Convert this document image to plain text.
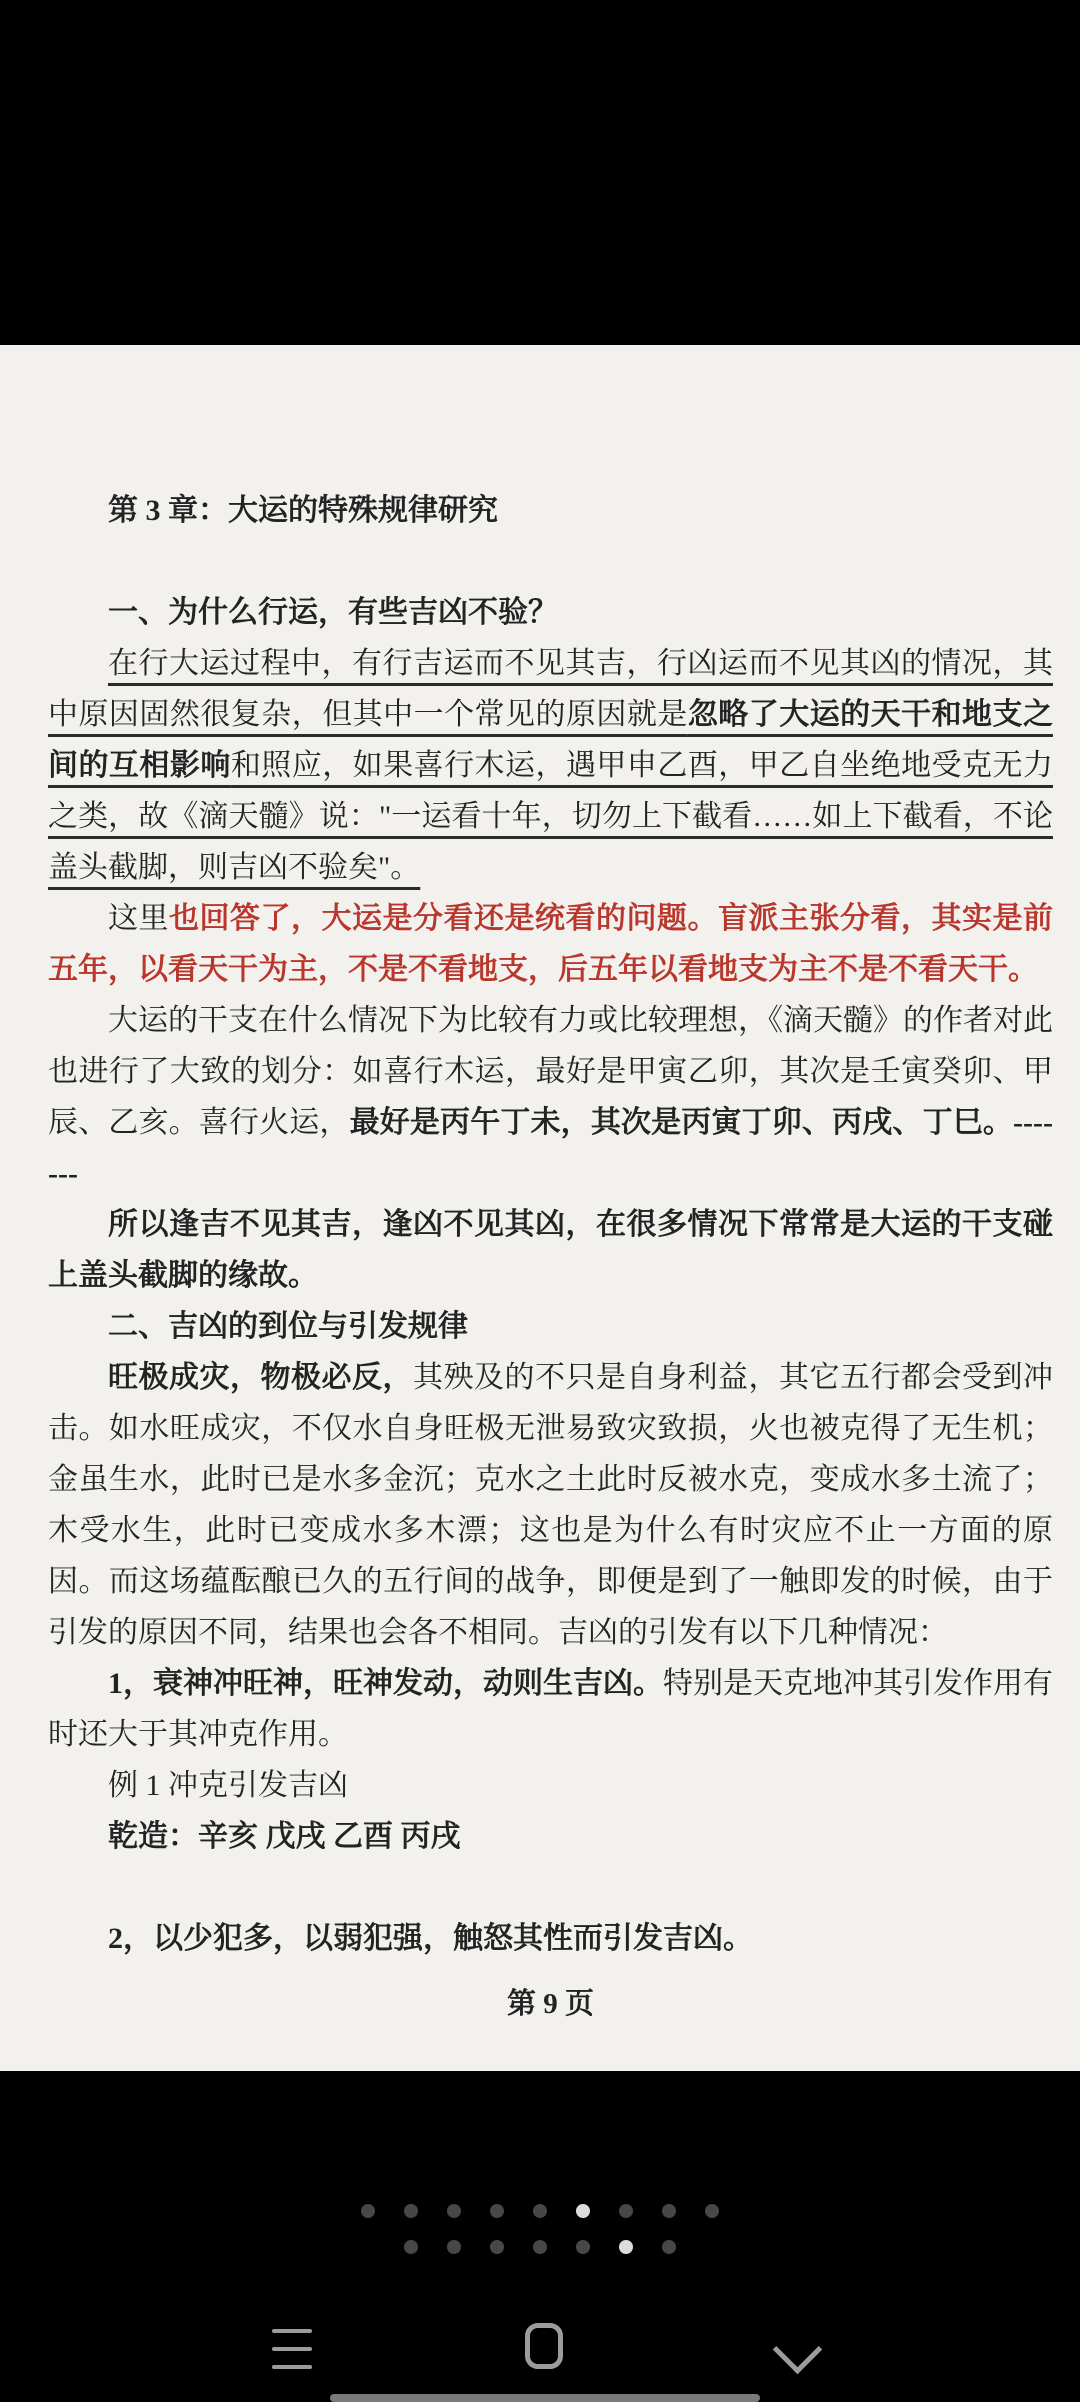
第 3 章：大运的特殊规律研究

一、为什么行运，有些吉凶不验？

在行大运过程中，有行吉运而不见其吉，行凶运而不见其凶的情况，其中原因固然很复杂，但其中一个常见的原因就是忽略了大运的天干和地支之间的互相影响和照应，如果喜行木运，遇甲申乙酉，甲乙自坐绝地受克无力之类，故《滴天髓》说："一运看十年，切勿上下截看……如上下截看，不论盖头截脚，则吉凶不验矣"。

这里也回答了，大运是分看还是统看的问题。盲派主张分看，其实是前五年，以看天干为主，不是不看地支，后五年以看地支为主不是不看天干。

大运的干支在什么情况下为比较有力或比较理想，《滴天髓》的作者对此也进行了大致的划分：如喜行木运，最好是甲寅乙卯，其次是壬寅癸卯、甲辰、乙亥。喜行火运，最好是丙午丁未，其次是丙寅丁卯、丙戌、丁巳。-------

所以逢吉不见其吉，逢凶不见其凶，在很多情况下常常是大运的干支碰上盖头截脚的缘故。

二、吉凶的到位与引发规律

旺极成灾，物极必反，其殃及的不只是自身利益，其它五行都会受到冲击。如水旺成灾，不仅水自身旺极无泄易致灾致损，火也被克得了无生机；金虽生水，此时已是水多金沉；克水之土此时反被水克，变成水多土流了；木受水生，此时已变成水多木漂；这也是为什么有时灾应不止一方面的原因。而这场蕴酝酿已久的五行间的战争，即便是到了一触即发的时候，由于引发的原因不同，结果也会各不相同。吉凶的引发有以下几种情况：

1，衰神冲旺神，旺神发动，动则生吉凶。特别是天克地冲其引发作用有时还大于其冲克作用。

例 1 冲克引发吉凶

乾造：辛亥 戊戌 乙酉 丙戌

2，以少犯多，以弱犯强，触怒其性而引发吉凶。

第 9 页
